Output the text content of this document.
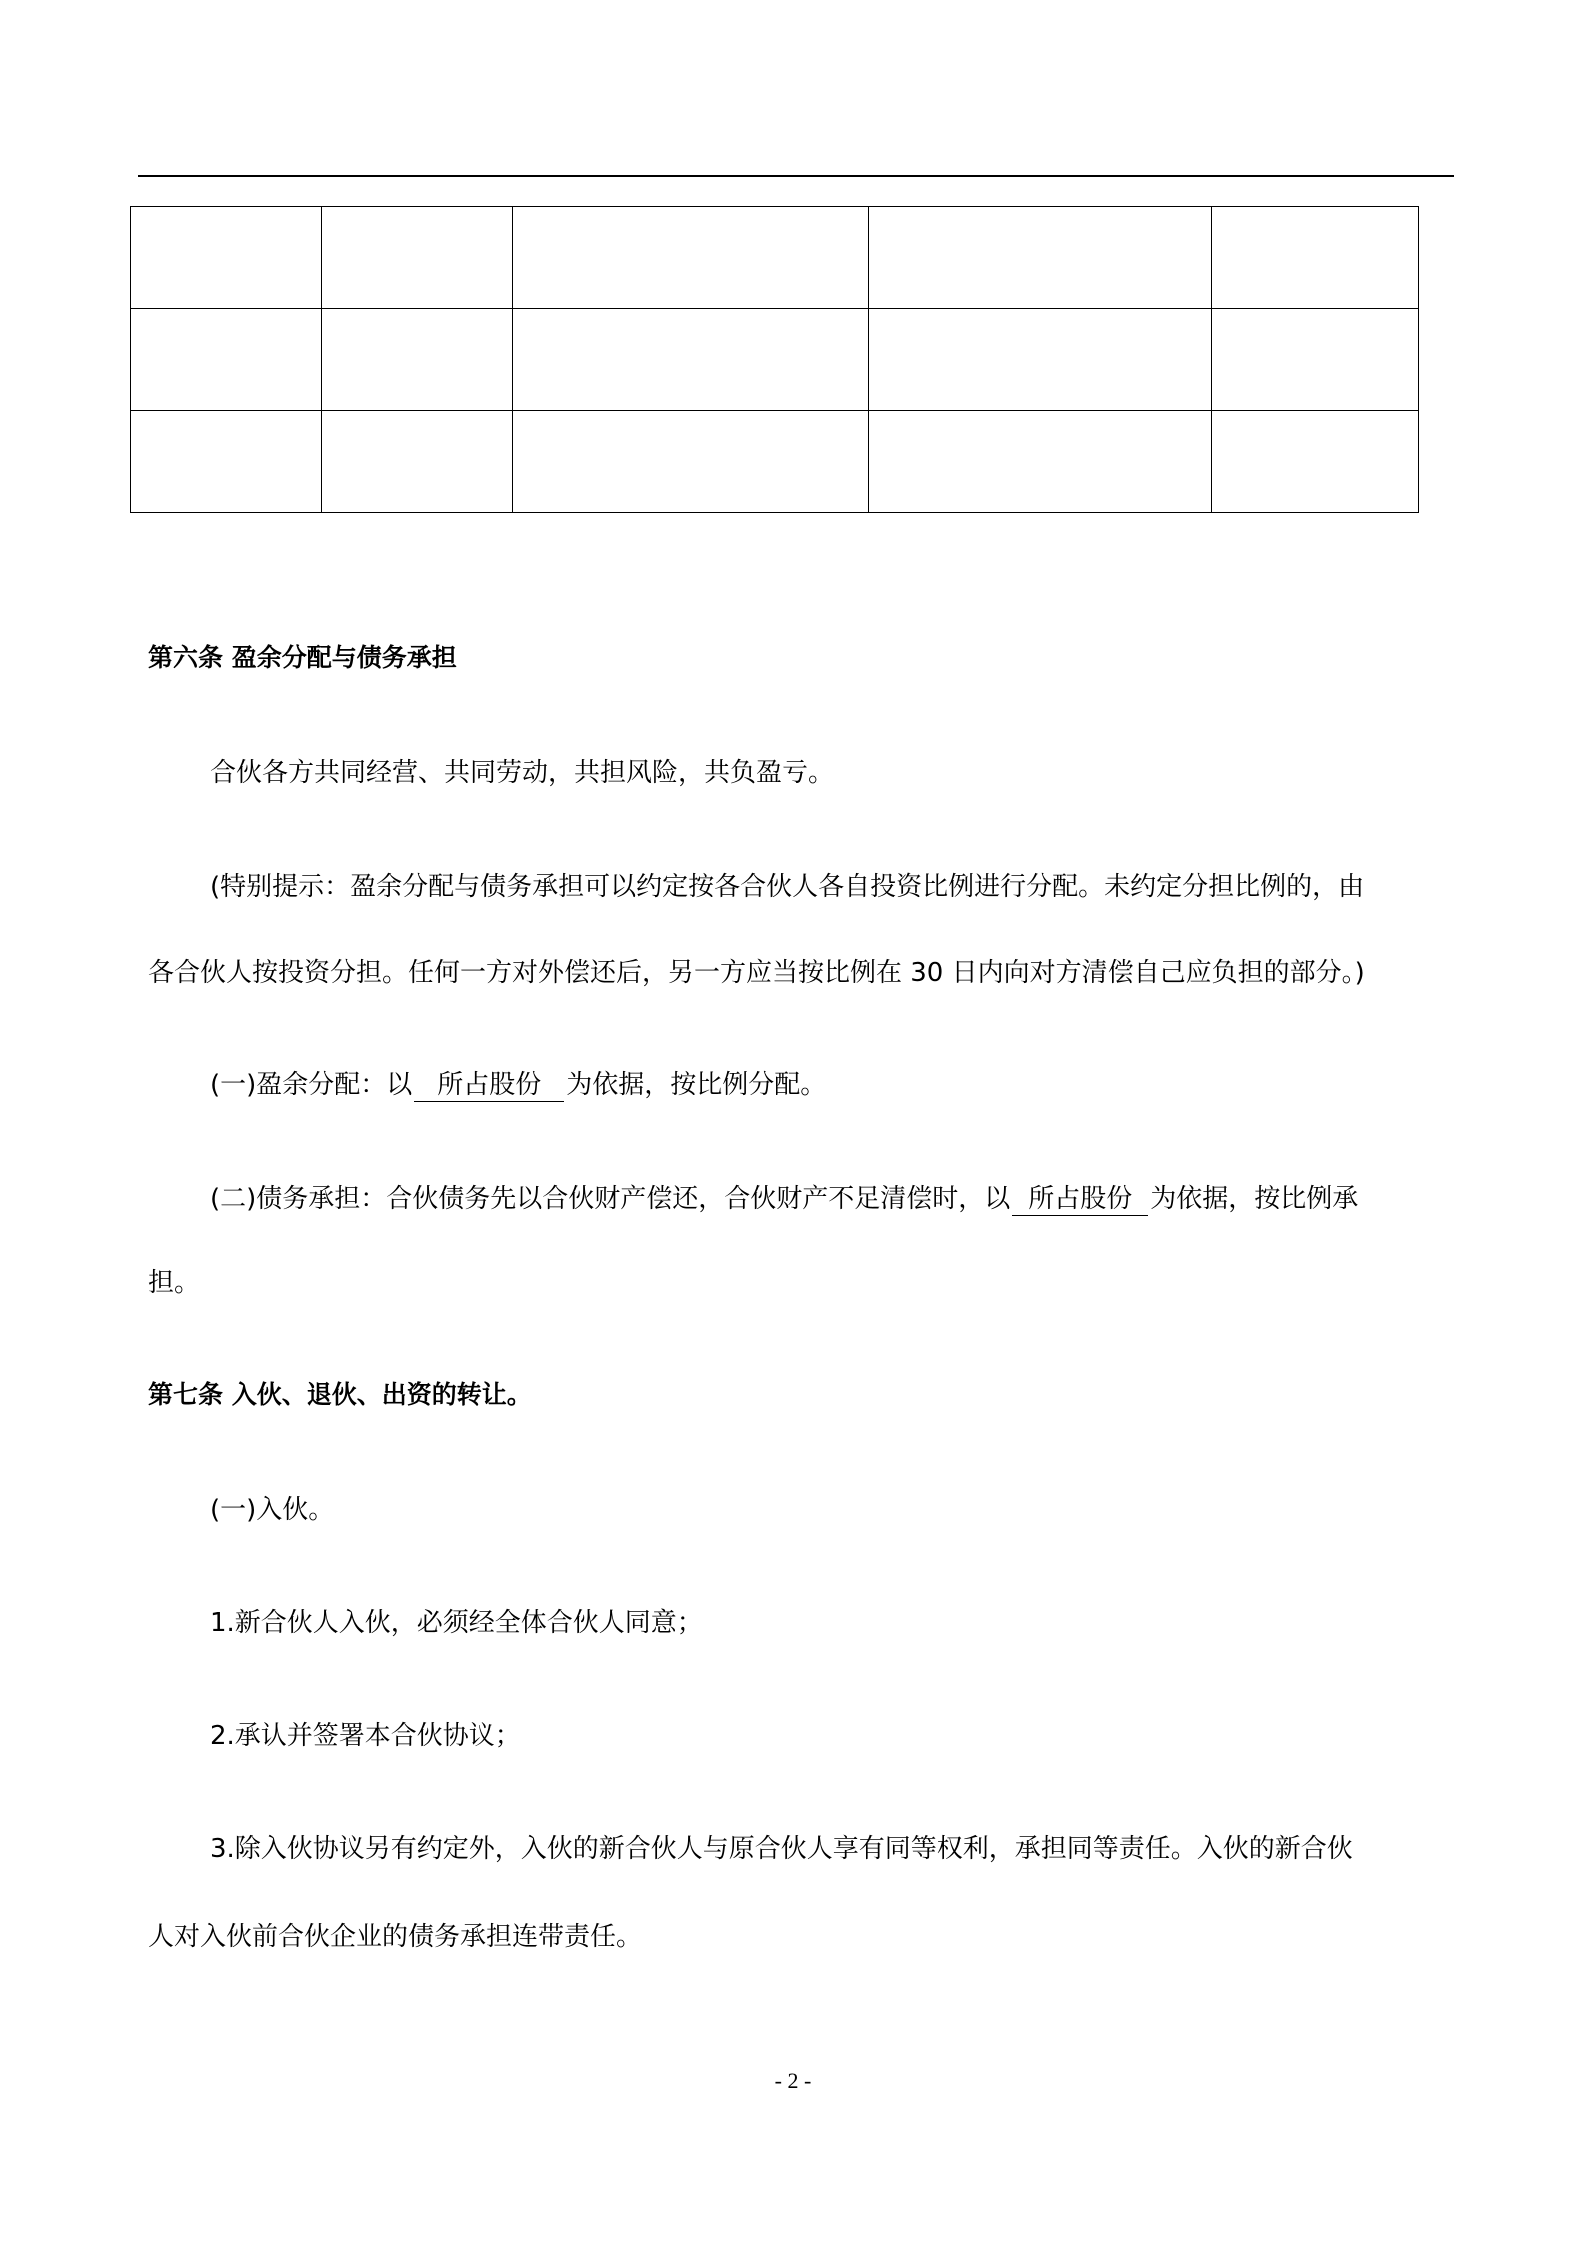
第六条 盈余分配与债务承担
合伙各方共同经营、共同劳动，共担风险，共负盈亏。
(特别提示：盈余分配与债务承担可以约定按各合伙人各自投资比例进行分配。未约定分担比例的，由
各合伙人按投资分担。任何一方对外偿还后，另一方应当按比例在 30 日内向对方清偿自己应负担的部分。)
(一)盈余分配：以 所占股份 为依据，按比例分配。
(二)债务承担：合伙债务先以合伙财产偿还，合伙财产不足清偿时，以 所占股份 为依据，按比例承
担。
第七条 入伙、退伙、出资的转让。
(一)入伙。
1.新合伙人入伙，必须经全体合伙人同意；
2.承认并签署本合伙协议；
3.除入伙协议另有约定外，入伙的新合伙人与原合伙人享有同等权利，承担同等责任。入伙的新合伙
人对入伙前合伙企业的债务承担连带责任。
- 2 -
